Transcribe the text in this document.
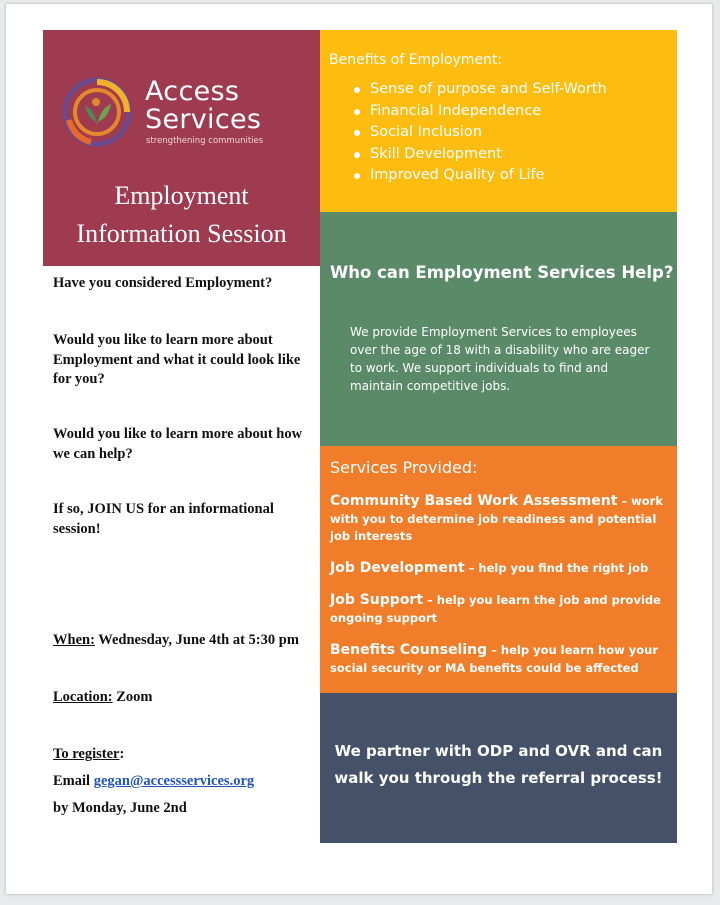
Access
Services
strengthening communities
Employment
Information Session
Have you considered Employment?
Would you like to learn more about Employment and what it could look like for you?
Would you like to learn more about how we can help?
If so, JOIN US for an informational session!
When: Wednesday, June 4th at 5:30 pm
Location: Zoom
To register:
Email gegan@accessservices.org
by Monday, June 2nd
Benefits of Employment:
Sense of purpose and Self-Worth
Financial Independence
Social Inclusion
Skill Development
Improved Quality of Life
Who can Employment Services Help?
We provide Employment Services to employees over the age of 18 with a disability who are eager to work. We support individuals to find and maintain competitive jobs.
Services Provided:
Community Based Work Assessment – work with you to determine job readiness and potential job interests
Job Development – help you find the right job
Job Support – help you learn the job and provide ongoing support
Benefits Counseling – help you learn how your social security or MA benefits could be affected
We partner with ODP and OVR and can walk you through the referral process!
